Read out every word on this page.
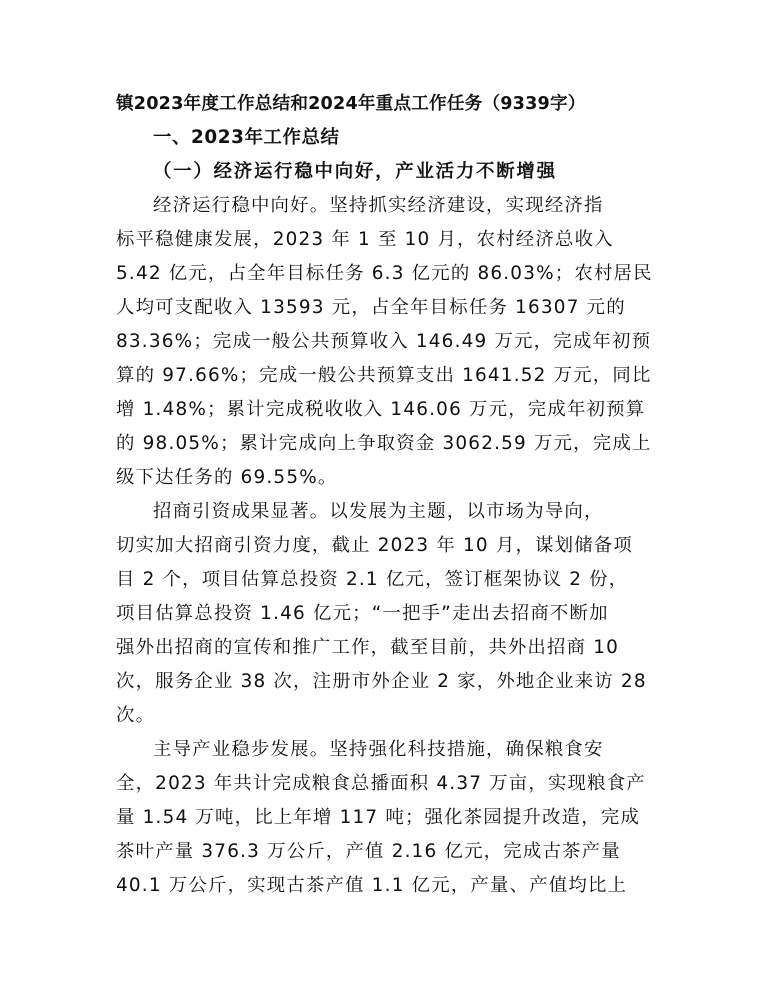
镇2023年度工作总结和2024年重点工作任务（9339字）
一、2023年工作总结
（一）经济运行稳中向好，产业活力不断增强
经济运行稳中向好。坚持抓实经济建设，实现经济指
标平稳健康发展，2023 年 1 至 10 月，农村经济总收入
5.42 亿元，占全年目标任务 6.3 亿元的 86.03%；农村居民
人均可支配收入 13593 元，占全年目标任务 16307 元的
83.36%；完成一般公共预算收入 146.49 万元，完成年初预
算的 97.66%；完成一般公共预算支出 1641.52 万元，同比
增 1.48%；累计完成税收收入 146.06 万元，完成年初预算
的 98.05%；累计完成向上争取资金 3062.59 万元，完成上
级下达任务的 69.55%。
招商引资成果显著。以发展为主题，以市场为导向，
切实加大招商引资力度，截止 2023 年 10 月，谋划储备项
目 2 个，项目估算总投资 2.1 亿元，签订框架协议 2 份，
项目估算总投资 1.46 亿元；“一把手”走出去招商不断加
强外出招商的宣传和推广工作，截至目前，共外出招商 10
次，服务企业 38 次，注册市外企业 2 家，外地企业来访 28
次。
主导产业稳步发展。坚持强化科技措施，确保粮食安
全，2023 年共计完成粮食总播面积 4.37 万亩，实现粮食产
量 1.54 万吨，比上年增 117 吨；强化茶园提升改造，完成
茶叶产量 376.3 万公斤，产值 2.16 亿元，完成古茶产量
40.1 万公斤，实现古茶产值 1.1 亿元，产量、产值均比上
